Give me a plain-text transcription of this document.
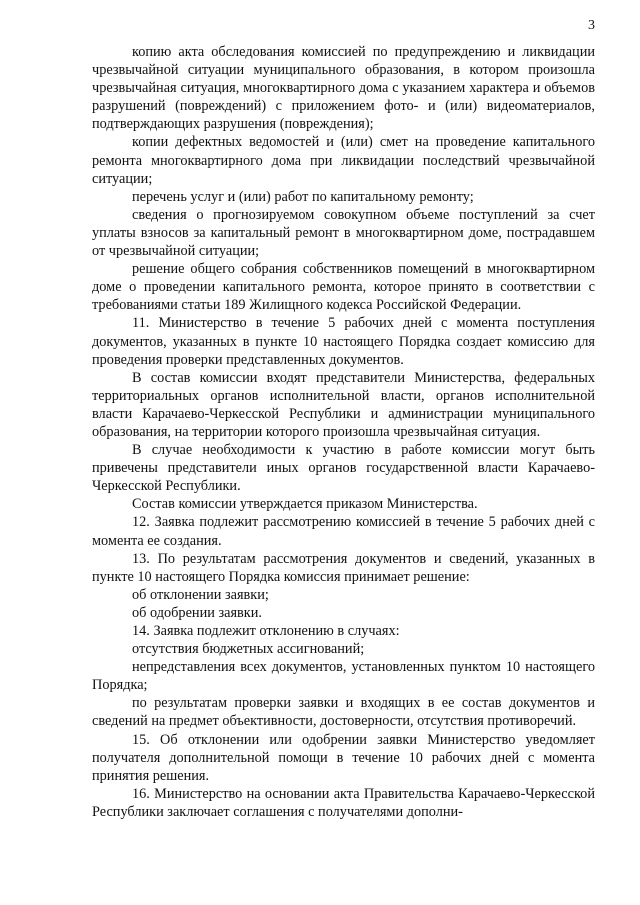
3

копию акта обследования комиссией по предупреждению и ликвидации чрезвычайной ситуации муниципального образования, в котором произошла чрезвычайная ситуация, многоквартирного дома с указанием характера и объемов разрушений (повреждений) с приложением фото- и (или) видеоматериалов, подтверждающих разрушения (повреждения);

копии дефектных ведомостей и (или) смет на проведение капитального ремонта многоквартирного дома при ликвидации последствий чрезвычайной ситуации;

перечень услуг и (или) работ по капитальному ремонту;

сведения о прогнозируемом совокупном объеме поступлений за счет уплаты взносов за капитальный ремонт в многоквартирном доме, пострадавшем от чрезвычайной ситуации;

решение общего собрания собственников помещений в многоквартирном доме о проведении капитального ремонта, которое принято в соответствии с требованиями статьи 189 Жилищного кодекса Российской Федерации.

11. Министерство в течение 5 рабочих дней с момента поступления документов, указанных в пункте 10 настоящего Порядка создает комиссию для проведения проверки представленных документов.

В состав комиссии входят представители Министерства, федеральных территориальных органов исполнительной власти, органов исполнительной власти Карачаево-Черкесской Республики и администрации муниципального образования, на территории которого произошла чрезвычайная ситуация.

В случае необходимости к участию в работе комиссии могут быть привечены представители иных органов государственной власти Карачаево-Черкесской Республики.

Состав комиссии утверждается приказом Министерства.

12. Заявка подлежит рассмотрению комиссией в течение 5 рабочих дней с момента ее создания.

13. По результатам рассмотрения документов и сведений, указанных в пункте 10 настоящего Порядка комиссия принимает решение:

об отклонении заявки;

об одобрении заявки.

14. Заявка подлежит отклонению в случаях:

отсутствия бюджетных ассигнований;

непредставления всех документов, установленных пунктом 10 настоящего Порядка;

по результатам проверки заявки и входящих в ее состав документов и сведений на предмет объективности, достоверности, отсутствия противоречий.

15. Об отклонении или одобрении заявки Министерство уведомляет получателя дополнительной помощи в течение 10 рабочих дней с момента принятия решения.

16. Министерство на основании акта Правительства Карачаево-Черкесской Республики заключает соглашения с получателями дополни-
